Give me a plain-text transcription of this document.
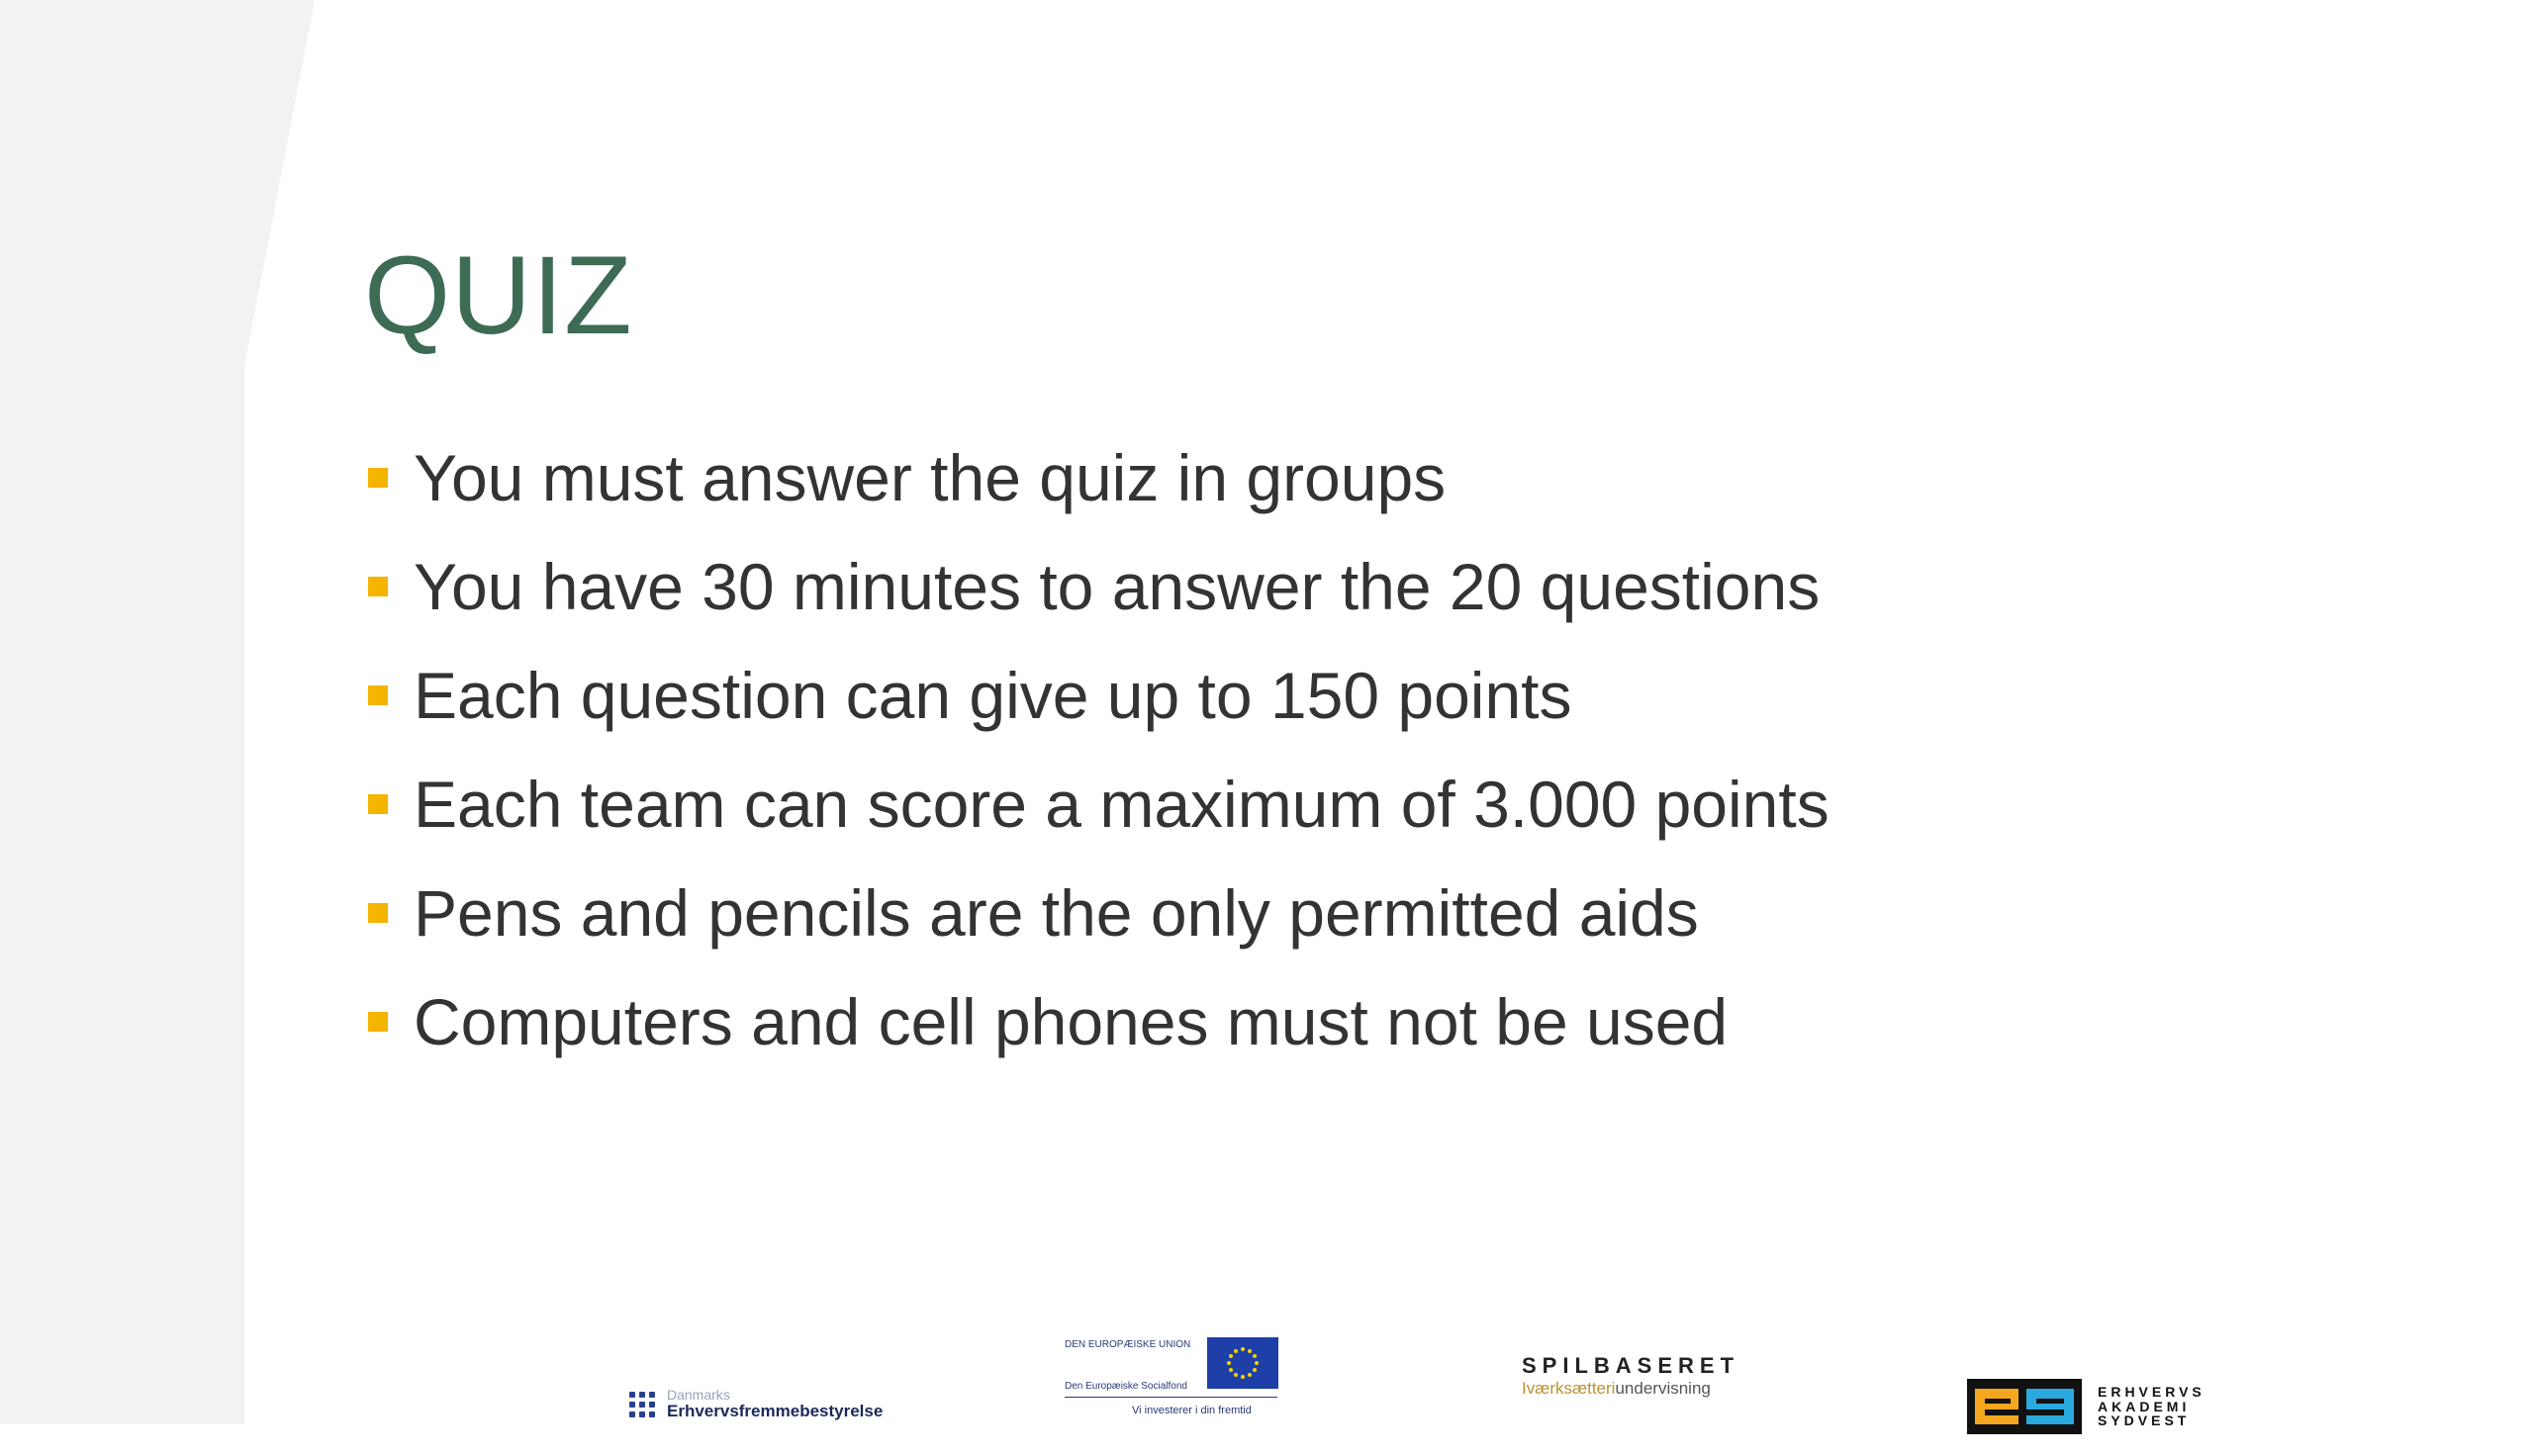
QUIZ
You must answer the quiz in groups
You have 30 minutes to answer the 20 questions
Each question can give up to 150 points
Each team can score a maximum of 3.000 points
Pens and pencils are the only permitted aids
Computers and cell phones must not be used
Danmarks
Erhvervsfremmebestyrelse
DEN EUROPÆISKE UNION
Den Europæiske Socialfond
Vi investerer i din fremtid
SPILBASERET
Iværksætteriundervisning	ERHVERVS
AKADEMI
SYDVEST
